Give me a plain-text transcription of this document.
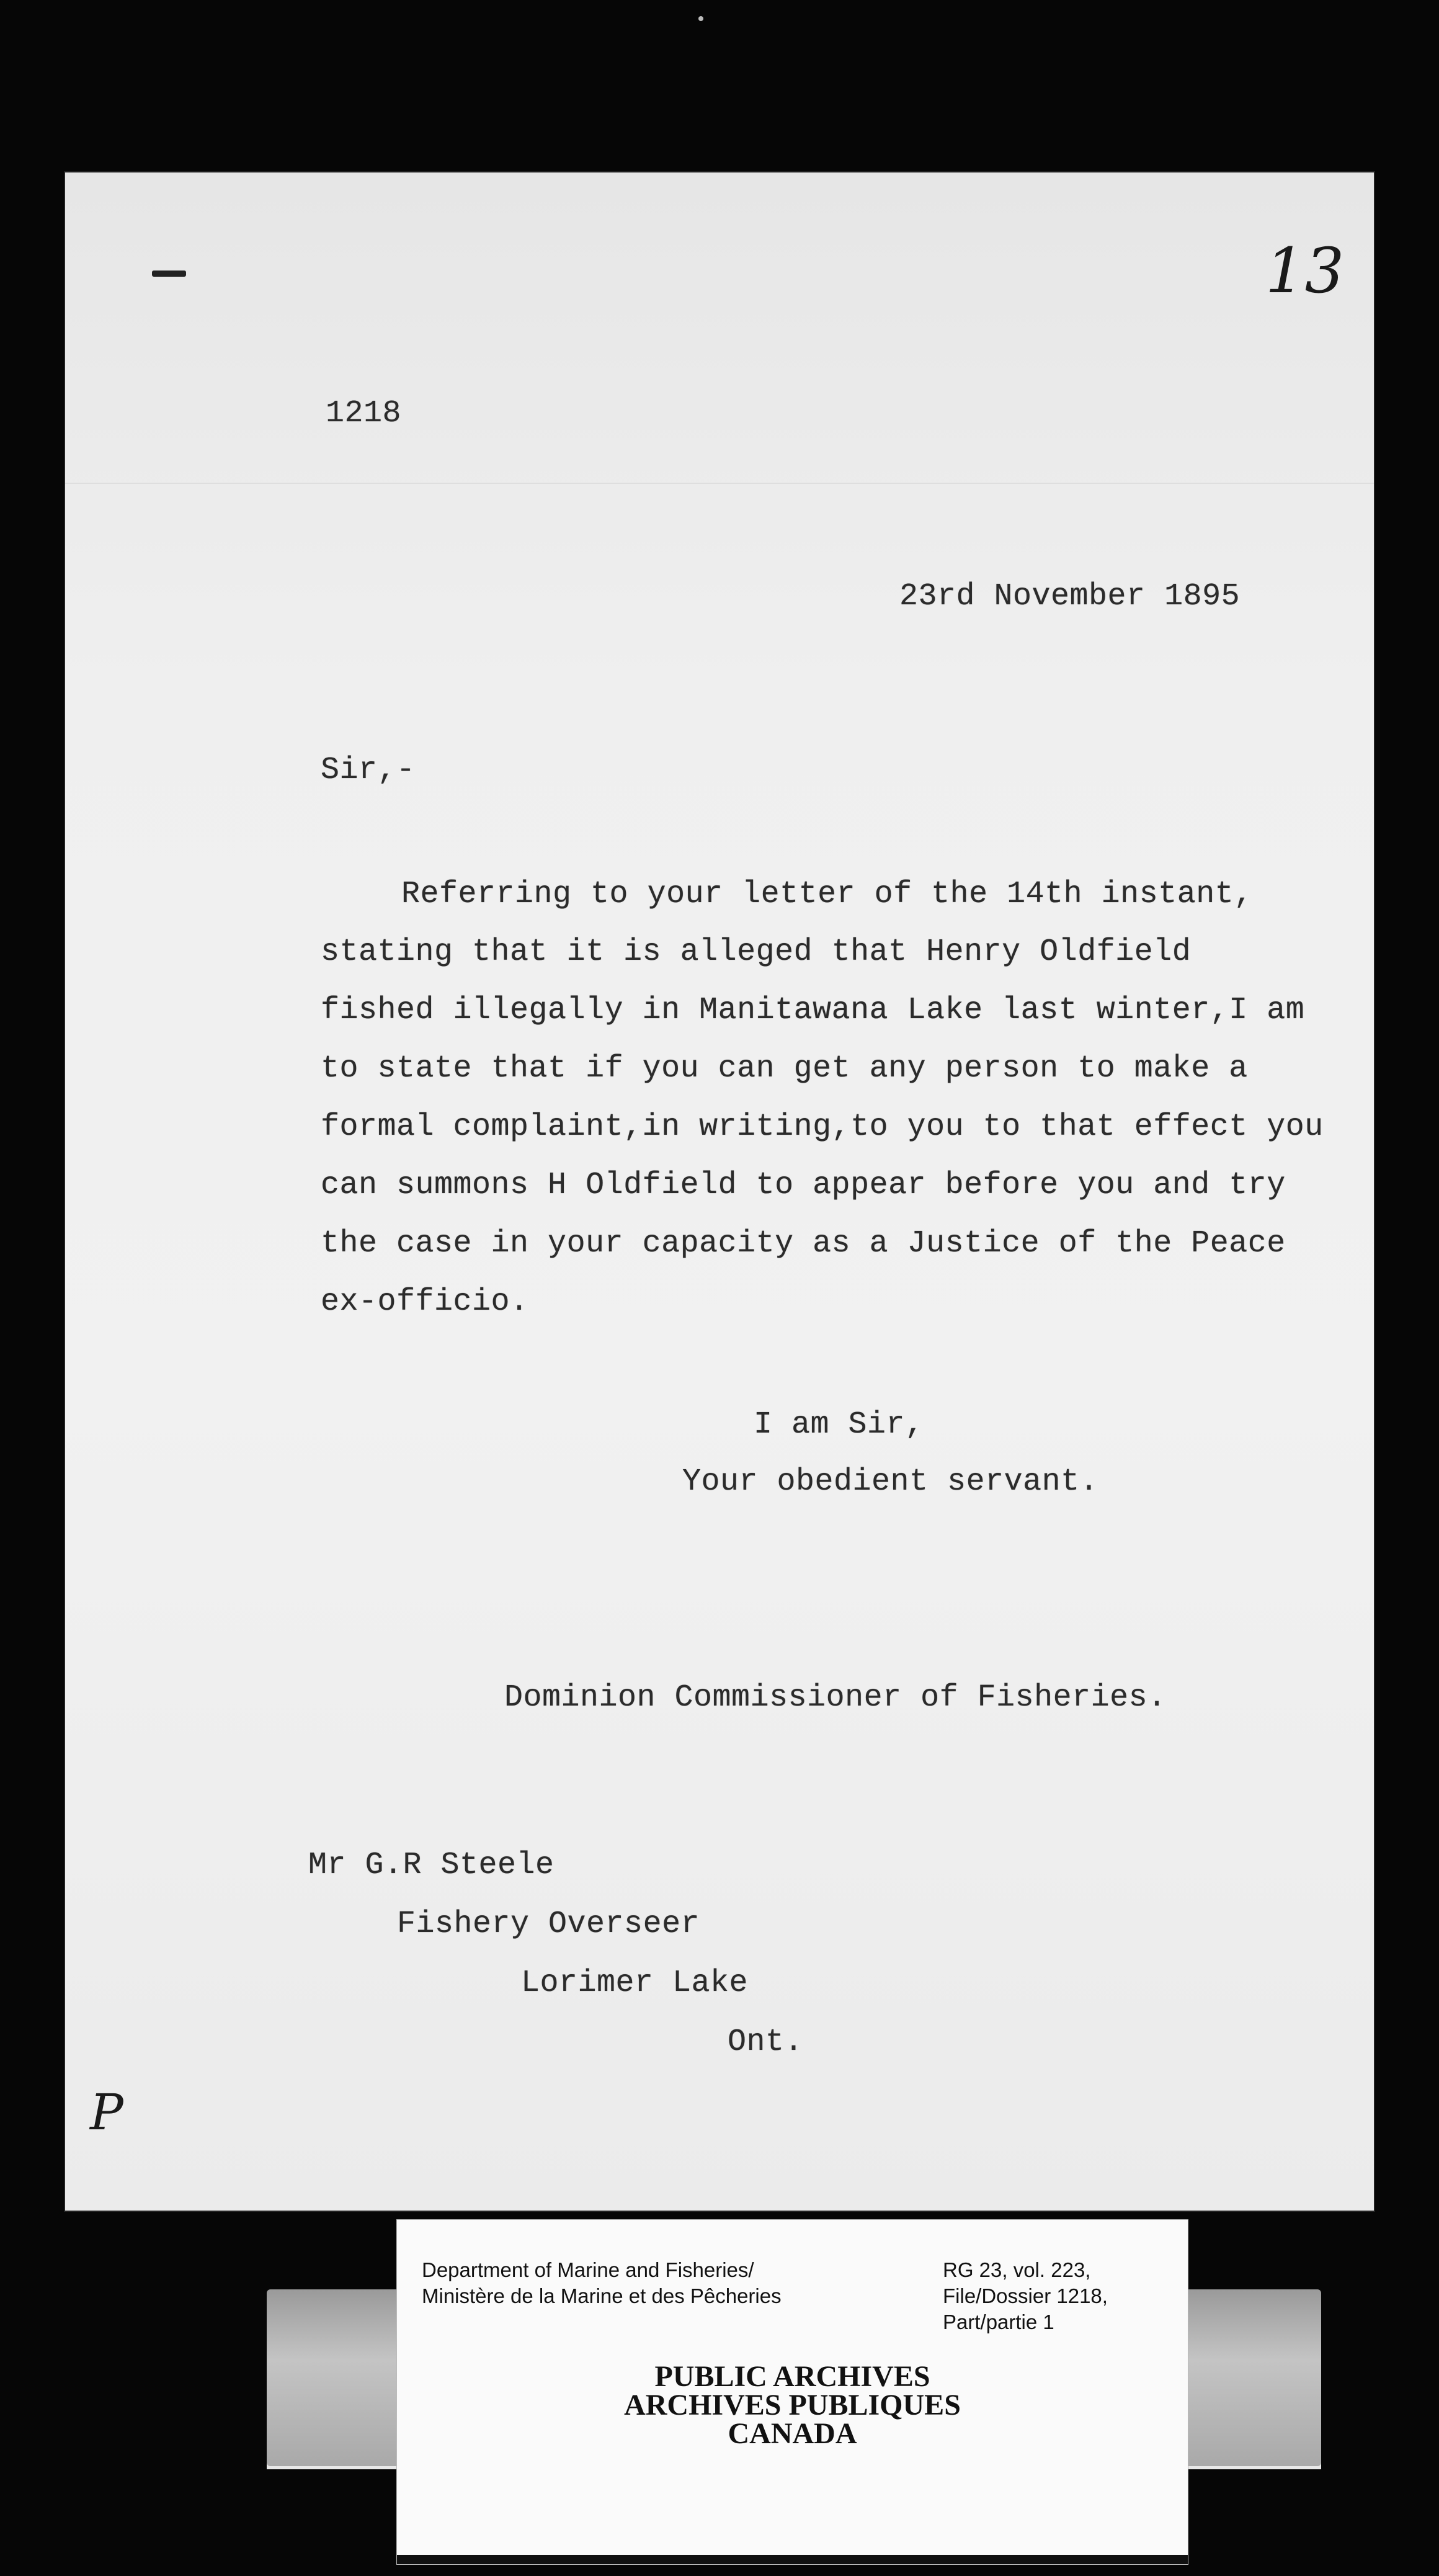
13
1218
23rd November 1895
Sir,-
Referring to your letter of the 14th instant,
stating that it is alleged that Henry Oldfield
fished illegally in Manitawana Lake last winter,I am
to state that if you can get any person to make a
formal complaint,in writing,to you to that effect you
can summons H Oldfield to appear before you and try
the case in your capacity as a Justice of the Peace
ex-officio.
I am Sir,
Your obedient servant.
Dominion Commissioner of Fisheries.
Mr G.R Steele
Fishery Overseer
Lorimer Lake
Ont.
P
Department of Marine and Fisheries/
Ministère de la Marine et des Pêcheries
RG 23, vol. 223,
File/Dossier 1218,
Part/partie 1
PUBLIC ARCHIVES
ARCHIVES PUBLIQUES
CANADA
